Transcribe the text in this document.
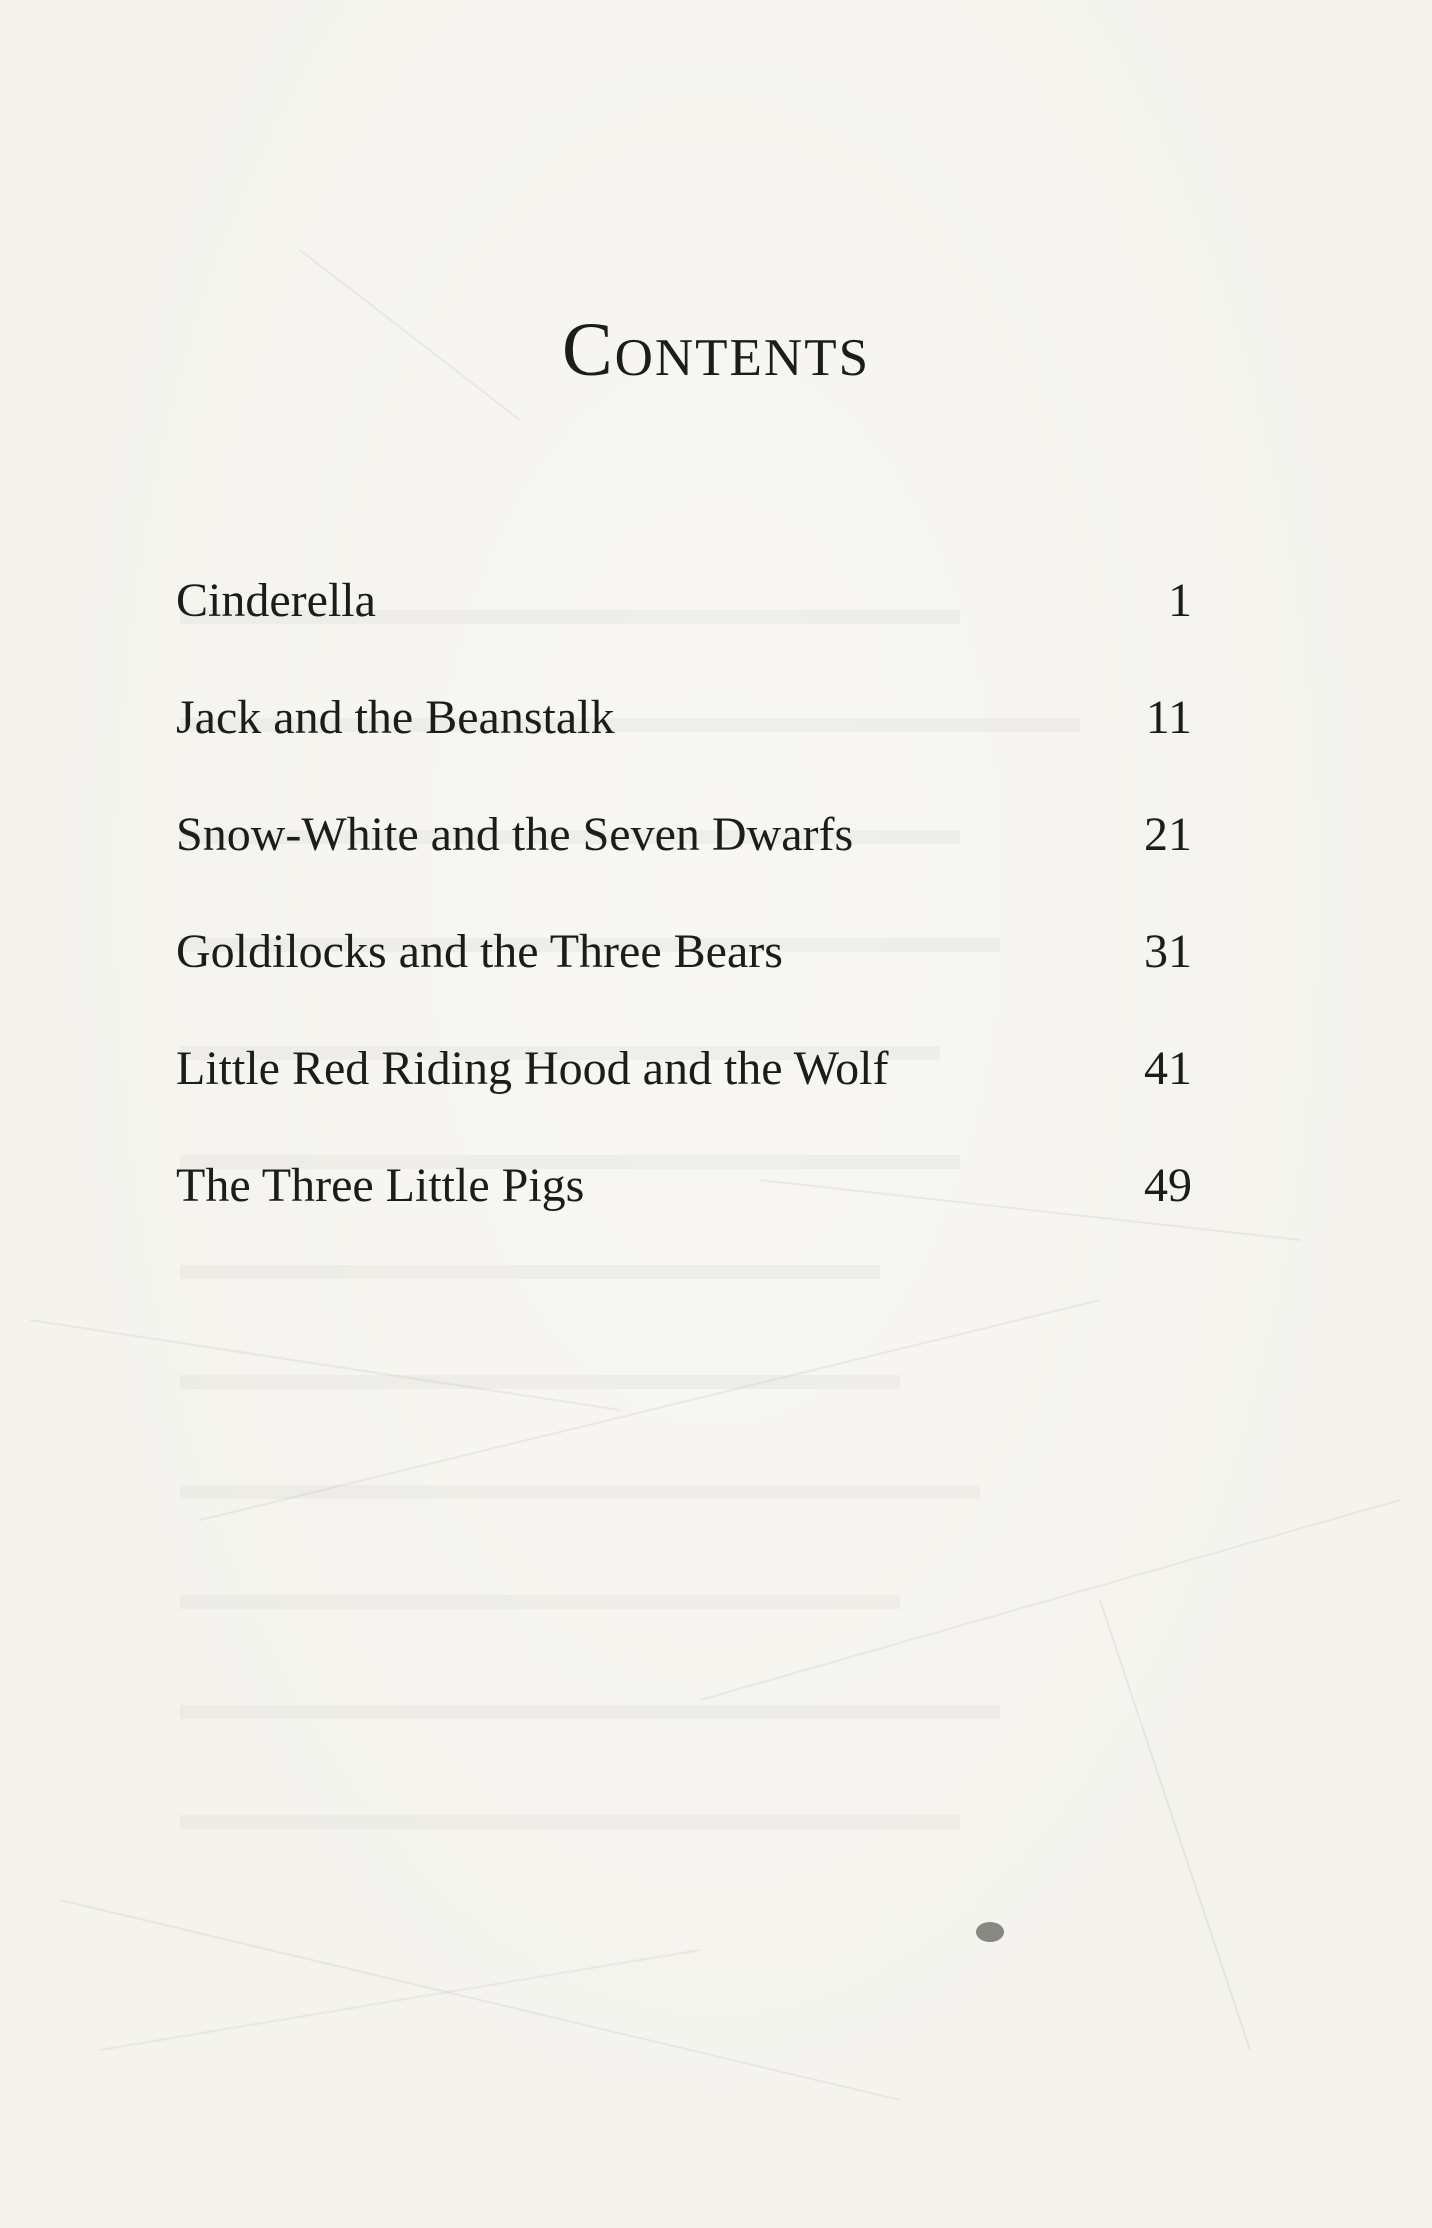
Contents
Cinderella	1
Jack and the Beanstalk	11
Snow-White and the Seven Dwarfs	21
Goldilocks and the Three Bears	31
Little Red Riding Hood and the Wolf	41
The Three Little Pigs	49
